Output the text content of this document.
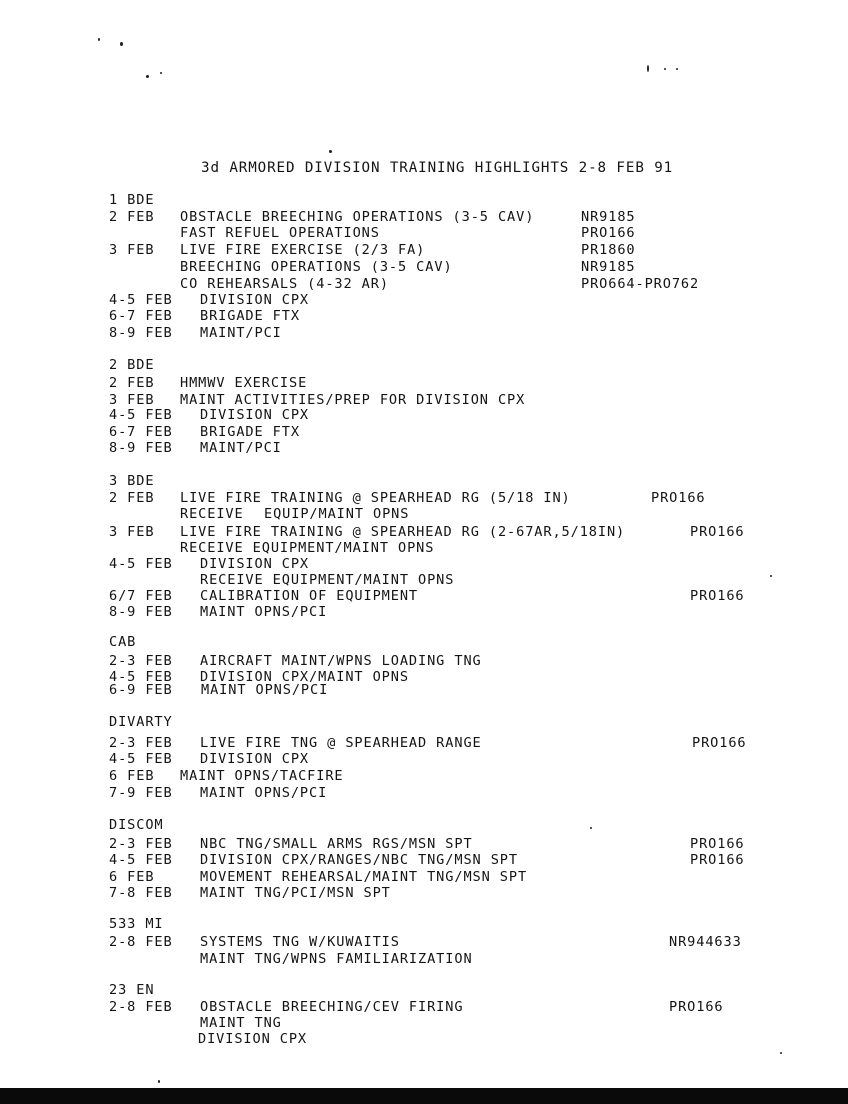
3d ARMORED DIVISION TRAINING HIGHLIGHTS 2-8 FEB 91
1 BDE
2 FEB OBSTACLE BREECHING OPERATIONS (3-5 CAV)	NR9185
FAST REFUEL OPERATIONS	PRO166
3 FEB LIVE FIRE EXERCISE (2/3 FA)	PR1860
BREECHING OPERATIONS (3-5 CAV)	NR9185
CO REHEARSALS (4-32 AR)	PRO664-PRO762
4-5 FEB DIVISION CPX
6-7 FEB BRIGADE FTX
8-9 FEB MAINT/PCI
2 BDE
2 FEB HMMWV EXERCISE
3 FEB MAINT ACTIVITIES/PREP FOR DIVISION CPX
4-5 FEB DIVISION CPX
6-7 FEB BRIGADE FTX
8-9 FEB MAINT/PCI
3 BDE
2 FEB LIVE FIRE TRAINING @ SPEARHEAD RG (5/18 IN)	PRO166
RECEIVE EQUIP/MAINT OPNS
3 FEB LIVE FIRE TRAINING @ SPEARHEAD RG (2-67AR,5/18IN)	PRO166
RECEIVE EQUIPMENT/MAINT OPNS
4-5 FEB DIVISION CPX
RECEIVE EQUIPMENT/MAINT OPNS
6/7 FEB CALIBRATION OF EQUIPMENT	PRO166
8-9 FEB MAINT OPNS/PCI
CAB
2-3 FEB AIRCRAFT MAINT/WPNS LOADING TNG
4-5 FEB DIVISION CPX/MAINT OPNS
6-9 FEB MAINT OPNS/PCI
DIVARTY
2-3 FEB LIVE FIRE TNG @ SPEARHEAD RANGE	PRO166
4-5 FEB DIVISION CPX
6 FEB MAINT OPNS/TACFIRE
7-9 FEB MAINT OPNS/PCI
DISCOM
2-3 FEB NBC TNG/SMALL ARMS RGS/MSN SPT	PRO166
4-5 FEB DIVISION CPX/RANGES/NBC TNG/MSN SPT	PRO166
6 FEB	MOVEMENT REHEARSAL/MAINT TNG/MSN SPT
7-8 FEB MAINT TNG/PCI/MSN SPT
533 MI
2-8 FEB SYSTEMS TNG W/KUWAITIS	NR944633
MAINT TNG/WPNS FAMILIARIZATION
23 EN
2-8 FEB OBSTACLE BREECHING/CEV FIRING	PRO166
MAINT TNG
DIVISION CPX
